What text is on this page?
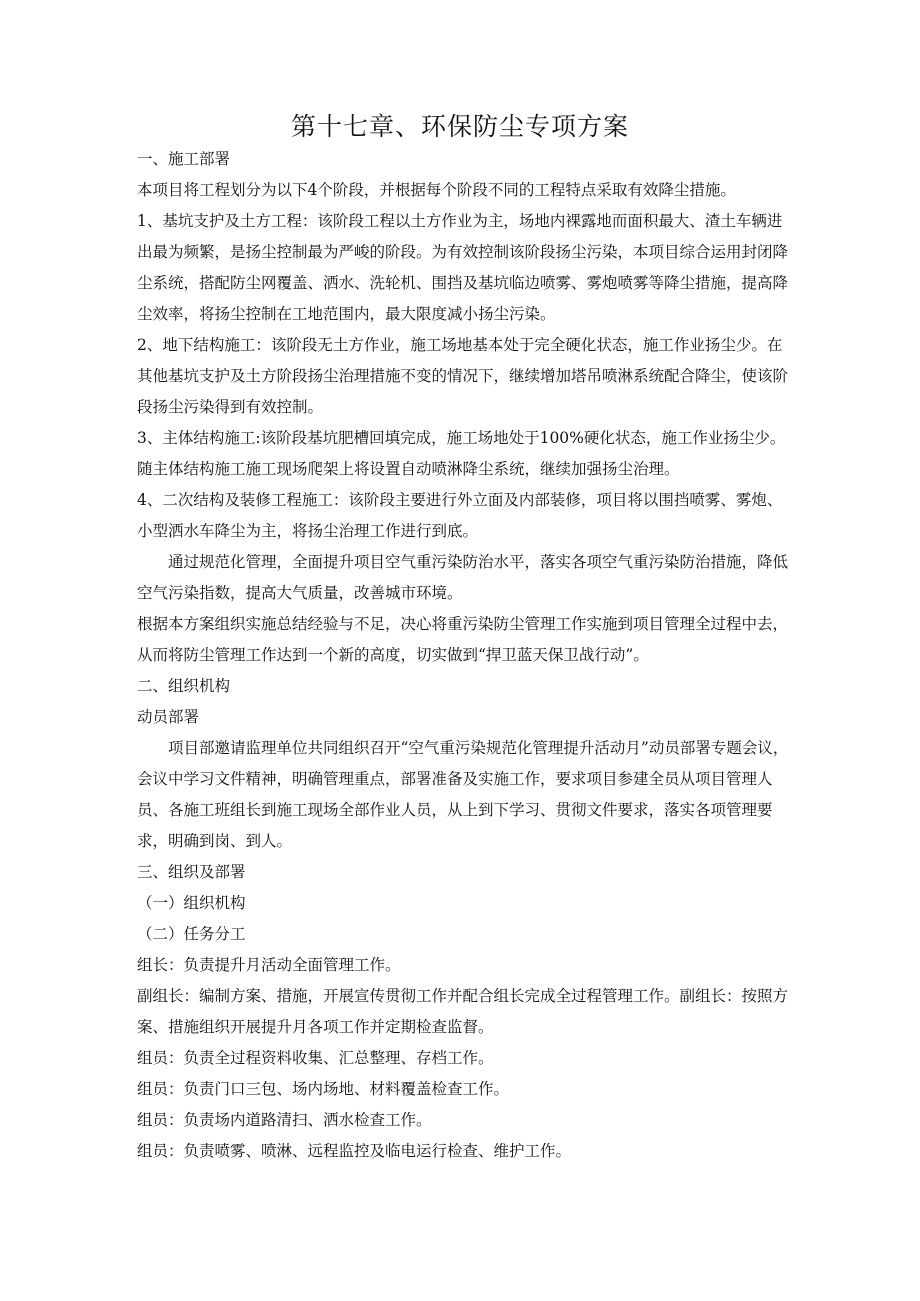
第十七章、环保防尘专项方案

一、施工部署

本项目将工程划分为以下4个阶段，并根据每个阶段不同的工程特点采取有效降尘措施。

1、基坑支护及土方工程：该阶段工程以土方作业为主，场地内裸露地而面积最大、渣土车辆进出最为频繁，是扬尘控制最为严峻的阶段。为有效控制该阶段扬尘污染，本项目综合运用封闭降尘系统，搭配防尘网覆盖、洒水、洗轮机、围挡及基坑临边喷雾、雾炮喷雾等降尘措施，提高降尘效率，将扬尘控制在工地范围内，最大限度减小扬尘污染。

2、地下结构施工：该阶段无土方作业，施工场地基本处于完全硬化状态，施工作业扬尘少。在其他基坑支护及土方阶段扬尘治理措施不变的情况下，继续增加塔吊喷淋系统配合降尘，使该阶段扬尘污染得到有效控制。

3、主体结构施工:该阶段基坑肥槽回填完成，施工场地处于100%硬化状态，施工作业扬尘少。随主体结构施工施工现场爬架上将设置自动喷淋降尘系统，继续加强扬尘治理。

4、二次结构及装修工程施工：该阶段主要进行外立面及内部装修，项目将以围挡喷雾、雾炮、小型洒水车降尘为主，将扬尘治理工作进行到底。

通过规范化管理，全面提升项目空气重污染防治水平，落实各项空气重污染防治措施，降低空气污染指数，提高大气质量，改善城市环境。

根据本方案组织实施总结经验与不足，决心将重污染防尘管理工作实施到项目管理全过程中去，从而将防尘管理工作达到一个新的高度，切实做到“捍卫蓝天保卫战行动”。

二、组织机构

动员部署

项目部邀请监理单位共同组织召开“空气重污染规范化管理提升活动月”动员部署专题会议，会议中学习文件精神，明确管理重点，部署准备及实施工作，要求项目参建全员从项目管理人员、各施工班组长到施工现场全部作业人员，从上到下学习、贯彻文件要求，落实各项管理要求，明确到岗、到人。

三、组织及部署

（一）组织机构

（二）任务分工

组长：负责提升月活动全面管理工作。

副组长：编制方案、措施，开展宣传贯彻工作并配合组长完成全过程管理工作。副组长：按照方案、措施组织开展提升月各项工作并定期检查监督。

组员：负责全过程资料收集、汇总整理、存档工作。

组员：负责门口三包、场内场地、材料覆盖检查工作。

组员：负责场内道路清扫、洒水检查工作。

组员：负责喷雾、喷淋、远程监控及临电运行检查、维护工作。
